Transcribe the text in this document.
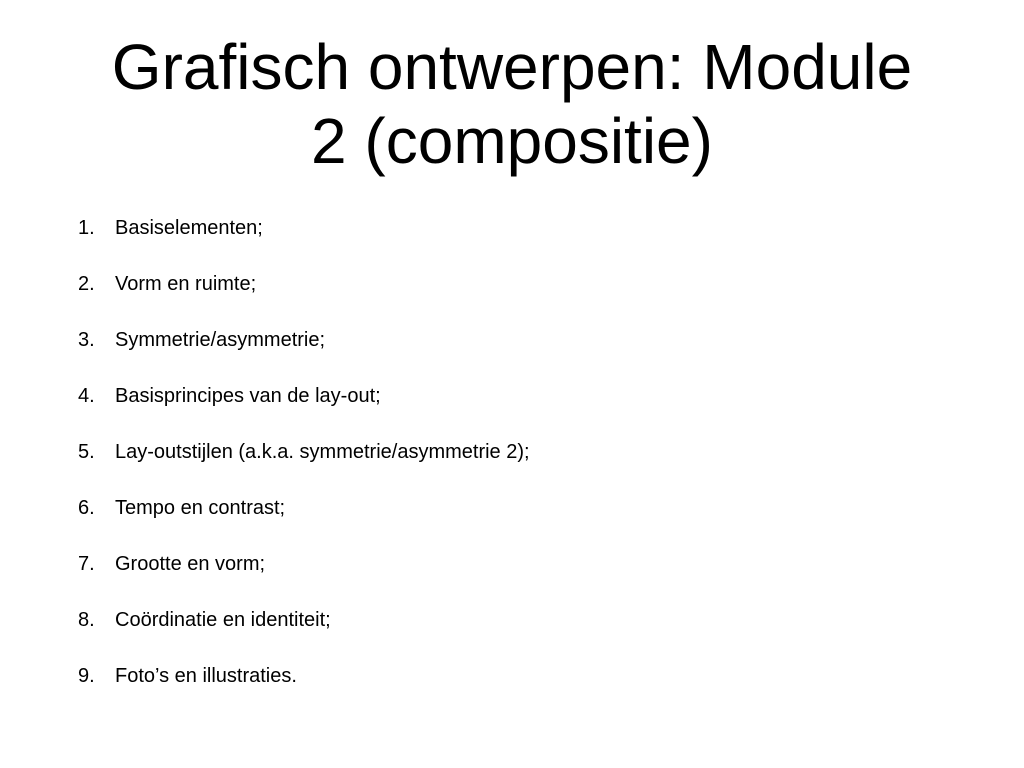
Grafisch ontwerpen: Module
2 (compositie)
1.	Basiselementen;
2.	Vorm en ruimte;
3.	Symmetrie/asymmetrie;
4.	Basisprincipes van de lay-out;
5.	Lay-outstijlen (a.k.a. symmetrie/asymmetrie 2);
6.	Tempo en contrast;
7.	Grootte en vorm;
8.	Coördinatie en identiteit;
9.	Foto’s en illustraties.
